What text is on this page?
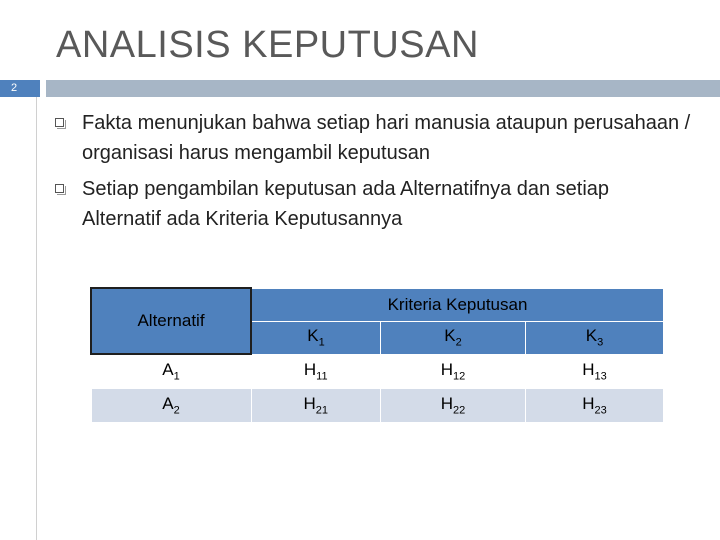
ANALISIS KEPUTUSAN
2
Fakta menunjukan bahwa setiap hari manusia ataupun perusahaan / organisasi harus mengambil keputusan
Setiap pengambilan keputusan ada Alternatifnya dan setiap Alternatif ada Kriteria Keputusannya
Alternatif	Kriteria Keputusan		
	$K_1$	$K_2$	$K_3$
$A_1$	$H_{11}$	$H_{12}$	$H_{13}$
$A_2$	$H_{21}$	$H_{22}$	$H_{23}$
